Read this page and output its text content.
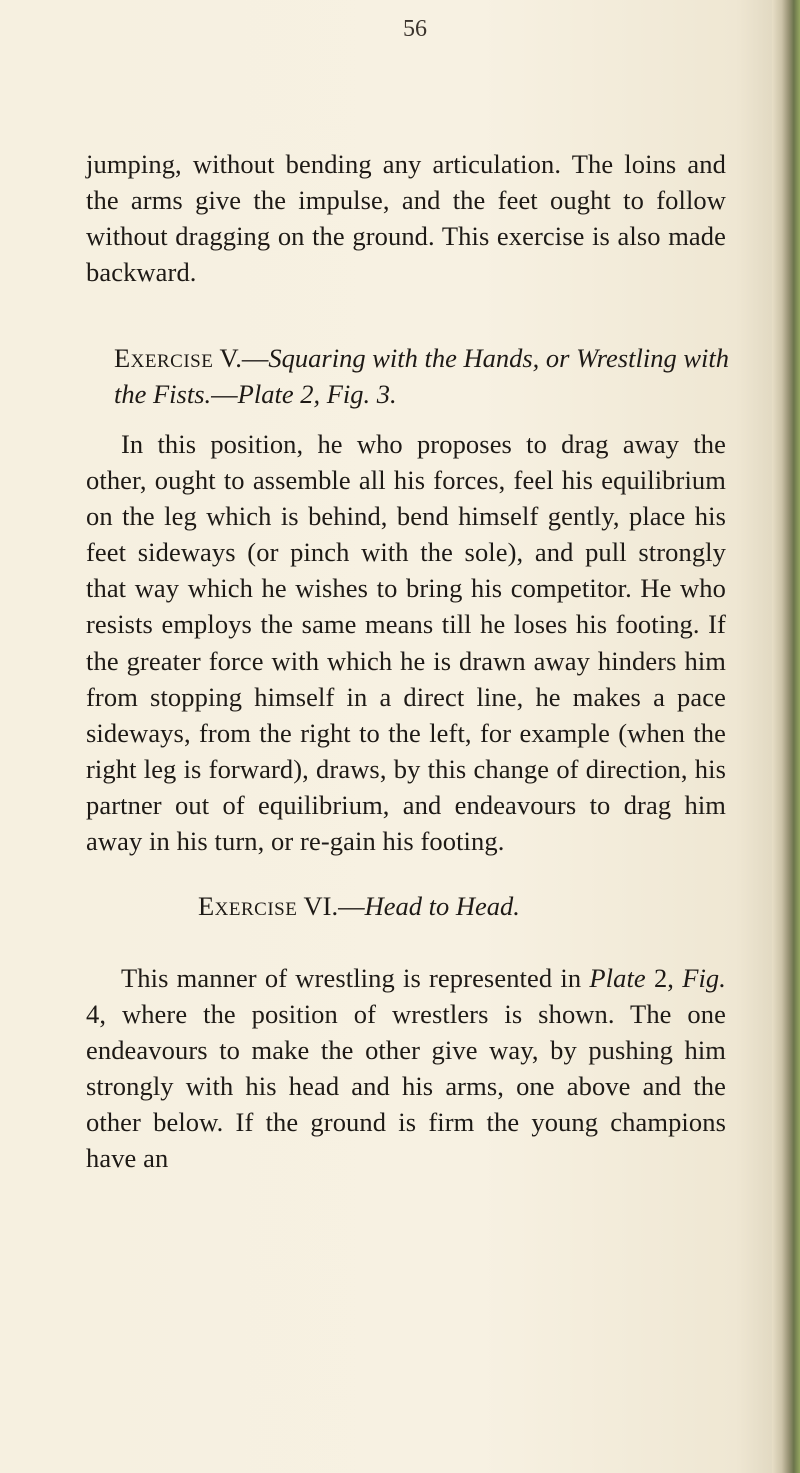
56
jumping, without bending any articulation. The loins and the arms give the impulse, and the feet ought to follow without dragging on the ground. This exercise is also made backward.
Exercise V.—Squaring with the Hands, or Wrestling with the Fists.—Plate 2, Fig. 3.
In this position, he who proposes to drag away the other, ought to assemble all his forces, feel his equilibrium on the leg which is behind, bend himself gently, place his feet sideways (or pinch with the sole), and pull strongly that way which he wishes to bring his competitor. He who resists employs the same means till he loses his footing. If the greater force with which he is drawn away hinders him from stopping himself in a direct line, he makes a pace sideways, from the right to the left, for example (when the right leg is forward), draws, by this change of direction, his partner out of equilibrium, and endeavours to drag him away in his turn, or re-gain his footing.
Exercise VI.—Head to Head.
This manner of wrestling is represented in Plate 2, Fig. 4, where the position of wrestlers is shown. The one endeavours to make the other give way, by pushing him strongly with his head and his arms, one above and the other below. If the ground is firm the young champions have an
